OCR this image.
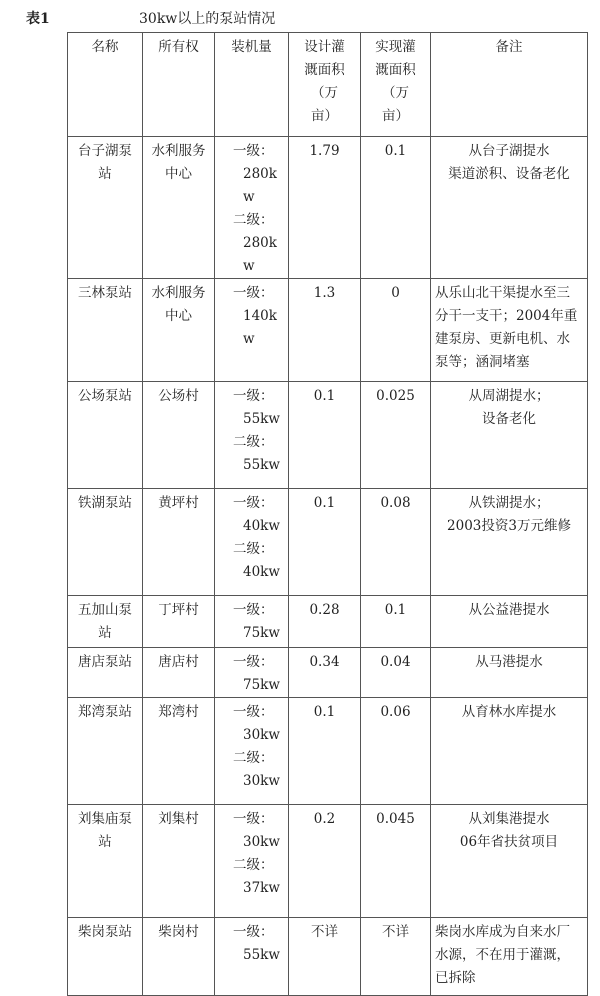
表1	30kw以上的泵站情况
名称	所有权	装机量	设计灌
溉面积
（万
亩）	实现灌
溉面积
（万
亩）	备注
台子湖泵站	水利服务中心	一级：
280kw
二级：
280kw	1.79	0.1	从台子湖提水
渠道淤积、设备老化

三林泵站	水利服务中心	一级：
140kw	1.3	0	从乐山北干渠提水至三分干一支干；2004年重建泵房、更新电机、水泵等；涵洞堵塞

公场泵站	公场村	一级：
55kw
二级：
55kw	0.1	0.025	从周湖提水；
设备老化

铁湖泵站	黄坪村	一级：
40kw
二级：
40kw	0.1	0.08	从铁湖提水；
2003投资3万元维修

五加山泵站	丁坪村	一级：
75kw	0.28	0.1	从公益港提水

唐店泵站	唐店村	一级：
75kw	0.34	0.04	从马港提水

郑湾泵站	郑湾村	一级：
30kw
二级：
30kw	0.1	0.06	从育林水库提水

刘集庙泵站	刘集村	一级：
30kw
二级：
37kw	0.2	0.045	从刘集港提水
06年省扶贫项目

柴岗泵站	柴岗村	一级：
55kw	不详	不详	柴岗水库成为自来水厂水源，不在用于灌溉，已拆除
